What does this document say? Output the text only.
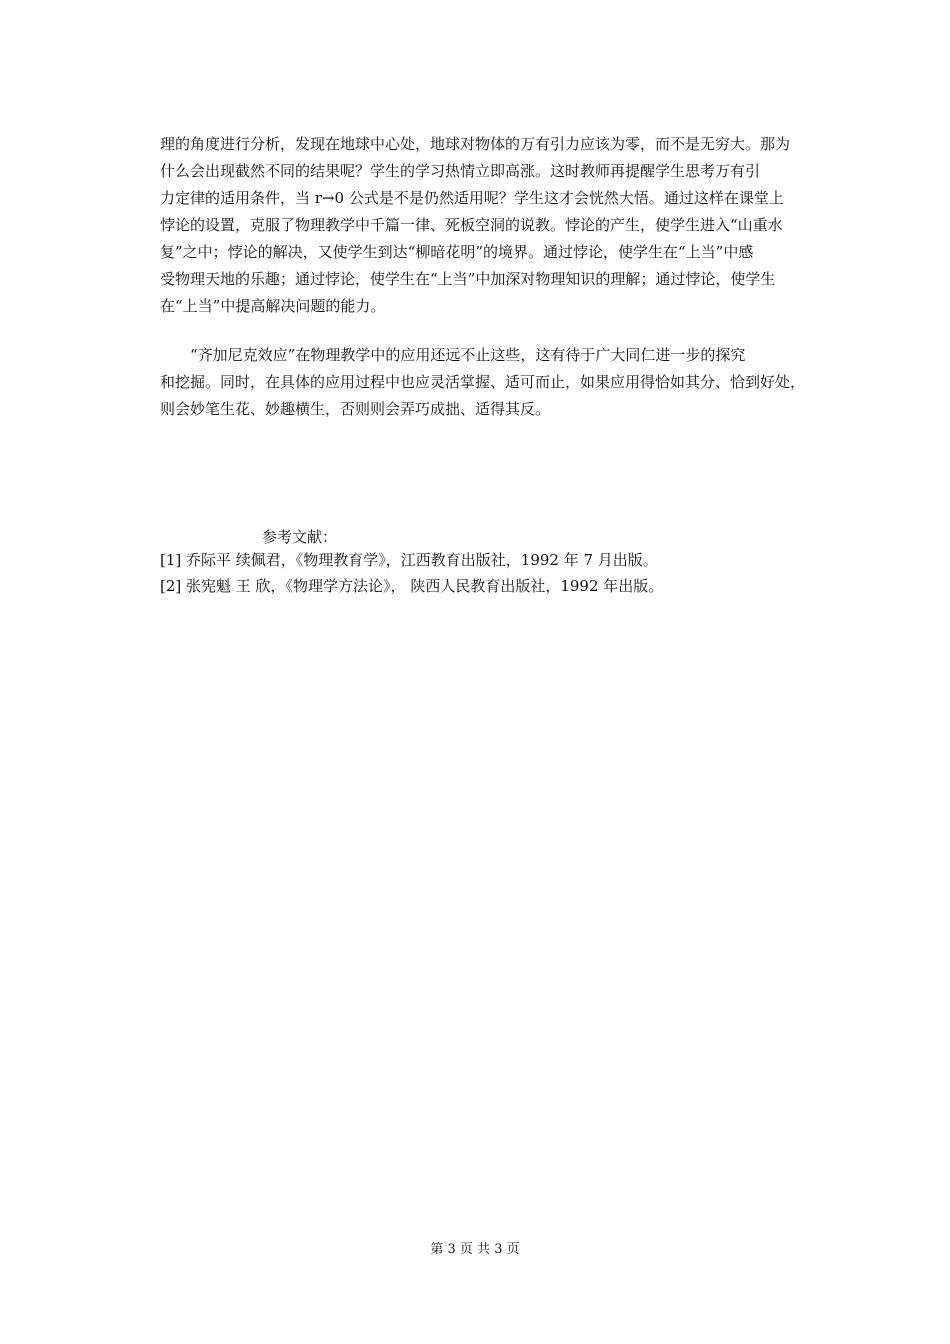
理的角度进行分析，发现在地球中心处，地球对物体的万有引力应该为零，而不是无穷大。那为
什么会出现截然不同的结果呢？学生的学习热情立即高涨。这时教师再提醒学生思考万有引
力定律的适用条件，当 r→0 公式是不是仍然适用呢？学生这才会恍然大悟。通过这样在课堂上
悖论的设置，克服了物理教学中千篇一律、死板空洞的说教。悖论的产生，使学生进入“山重水
复”之中；悖论的解决，又使学生到达“柳暗花明”的境界。通过悖论，使学生在“上当”中感
受物理天地的乐趣；通过悖论，使学生在“上当”中加深对物理知识的理解；通过悖论，使学生
在“上当”中提高解决问题的能力。
“齐加尼克效应”在物理教学中的应用还远不止这些，这有待于广大同仁进一步的探究
和挖掘。同时，在具体的应用过程中也应灵活掌握、适可而止，如果应用得恰如其分、恰到好处，
则会妙笔生花、妙趣横生，否则则会弄巧成拙、适得其反。
参考文献：
[1] 乔际平 续佩君，《物理教育学》，江西教育出版社，1992 年 7 月出版。
[2] 张宪魁 王 欣，《物理学方法论》， 陕西人民教育出版社，1992 年出版。
第 3 页 共 3 页
